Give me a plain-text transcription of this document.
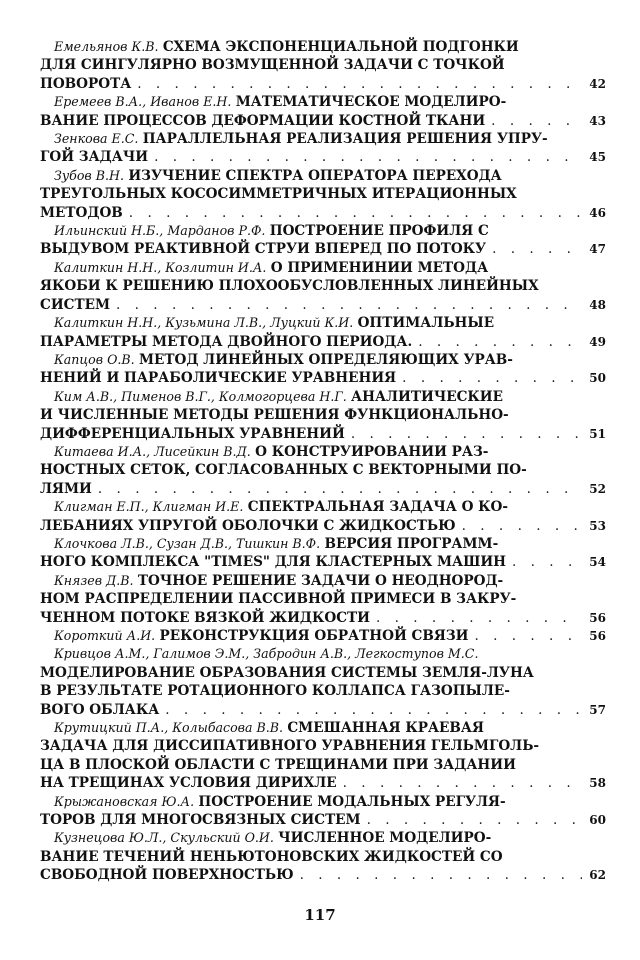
Емельянов К.В. СХЕМА ЭКСПОНЕНЦИАЛЬНОЙ ПОДГОНКИ
ДЛЯ СИНГУЛЯРНО ВОЗМУЩЕННОЙ ЗАДАЧИ С ТОЧКОЙ
ПОВОРОТА . . .	42
Еремеев В.А., Иванов Е.Н. МАТЕМАТИЧЕСКОЕ МОДЕЛИРО-
ВАНИЕ ПРОЦЕССОВ ДЕФОРМАЦИИ КОСТНОЙ ТКАНИ . . .	43
Зенкова Е.С. ПАРАЛЛЕЛЬНАЯ РЕАЛИЗАЦИЯ РЕШЕНИЯ УПРУ-
ГОЙ ЗАДАЧИ . . .	45
Зубов В.Н. ИЗУЧЕНИЕ СПЕКТРА ОПЕРАТОРА ПЕРЕХОДА
ТРЕУГОЛЬНЫХ КОСОСИММЕТРИЧНЫХ ИТЕРАЦИОННЫХ
МЕТОДОВ . . .	46
Ильинский Н.Б., Марданов Р.Ф. ПОСТРОЕНИЕ ПРОФИЛЯ С
ВЫДУВОМ РЕАКТИВНОЙ СТРУИ ВПЕРЕД ПО ПОТОКУ . . .	47
Калиткин Н.Н., Козлитин И.А. О ПРИМЕНИНИИ МЕТОДА
ЯКОБИ К РЕШЕНИЮ ПЛОХООБУСЛОВЛЕННЫХ ЛИНЕЙНЫХ
СИСТЕМ . . .	48
Калиткин Н.Н., Кузьмина Л.В., Луцкий К.И. ОПТИМАЛЬНЫЕ
ПАРАМЕТРЫ МЕТОДА ДВОЙНОГО ПЕРИОДА. . . .	49
Капцов О.В. МЕТОД ЛИНЕЙНЫХ ОПРЕДЕЛЯЮЩИХ УРАВ-
НЕНИЙ И ПАРАБОЛИЧЕСКИЕ УРАВНЕНИЯ . . .	50
Ким А.В., Пименов В.Г., Колмогорцева Н.Г. АНАЛИТИЧЕСКИЕ
И ЧИСЛЕННЫЕ МЕТОДЫ РЕШЕНИЯ ФУНКЦИОНАЛЬНО-
ДИФФЕРЕНЦИАЛЬНЫХ УРАВНЕНИЙ . . .	51
Китаева И.А., Лисейкин В.Д. О КОНСТРУИРОВАНИИ РАЗ-
НОСТНЫХ СЕТОК, СОГЛАСОВАННЫХ С ВЕКТОРНЫМИ ПО-
ЛЯМИ . . .	52
Клигман Е.П., Клигман И.Е. СПЕКТРАЛЬНАЯ ЗАДАЧА О КО-
ЛЕБАНИЯХ УПРУГОЙ ОБОЛОЧКИ С ЖИДКОСТЬЮ . . .	53
Клочкова Л.В., Сузан Д.В., Тишкин В.Ф. ВЕРСИЯ ПРОГРАММ-
НОГО КОМПЛЕКСА "TIMES" ДЛЯ КЛАСТЕРНЫХ МАШИН . . .	54
Князев Д.В. ТОЧНОЕ РЕШЕНИЕ ЗАДАЧИ О НЕОДНОРОД-
НОМ РАСПРЕДЕЛЕНИИ ПАССИВНОЙ ПРИМЕСИ В ЗАКРУ-
ЧЕННОМ ПОТОКЕ ВЯЗКОЙ ЖИДКОСТИ . . .	56
Короткий А.И.
РЕКОНСТРУКЦИЯ ОБРАТНОЙ СВЯЗИ . . .	56
Кривцов А.М., Галимов Э.М., Забродин А.В., Легкоступов М.С.
МОДЕЛИРОВАНИЕ ОБРАЗОВАНИЯ СИСТЕМЫ ЗЕМЛЯ-ЛУНА
В РЕЗУЛЬТАТЕ РОТАЦИОННОГО КОЛЛАПСА ГАЗОПЫЛЕ-
ВОГО ОБЛАКА . . .	57
Крутицкий П.А., Колыбасова В.В. СМЕШАННАЯ КРАЕВАЯ
ЗАДАЧА ДЛЯ ДИССИПАТИВНОГО УРАВНЕНИЯ ГЕЛЬМГОЛЬ-
ЦА В ПЛОСКОЙ ОБЛАСТИ С ТРЕЩИНАМИ ПРИ ЗАДАНИИ
НА ТРЕЩИНАХ УСЛОВИЯ ДИРИХЛЕ . . .	58
Крыжановская Ю.А. ПОСТРОЕНИЕ МОДАЛЬНЫХ РЕГУЛЯ-
ТОРОВ ДЛЯ МНОГОСВЯЗНЫХ СИСТЕМ . . .	60
Кузнецова Ю.Л., Скульский О.И. ЧИСЛЕННОЕ МОДЕЛИРО-
ВАНИЕ ТЕЧЕНИЙ НЕНЬЮТОНОВСКИХ ЖИДКОСТЕЙ СО
СВОБОДНОЙ ПОВЕРХНОСТЬЮ . . .	62
117
